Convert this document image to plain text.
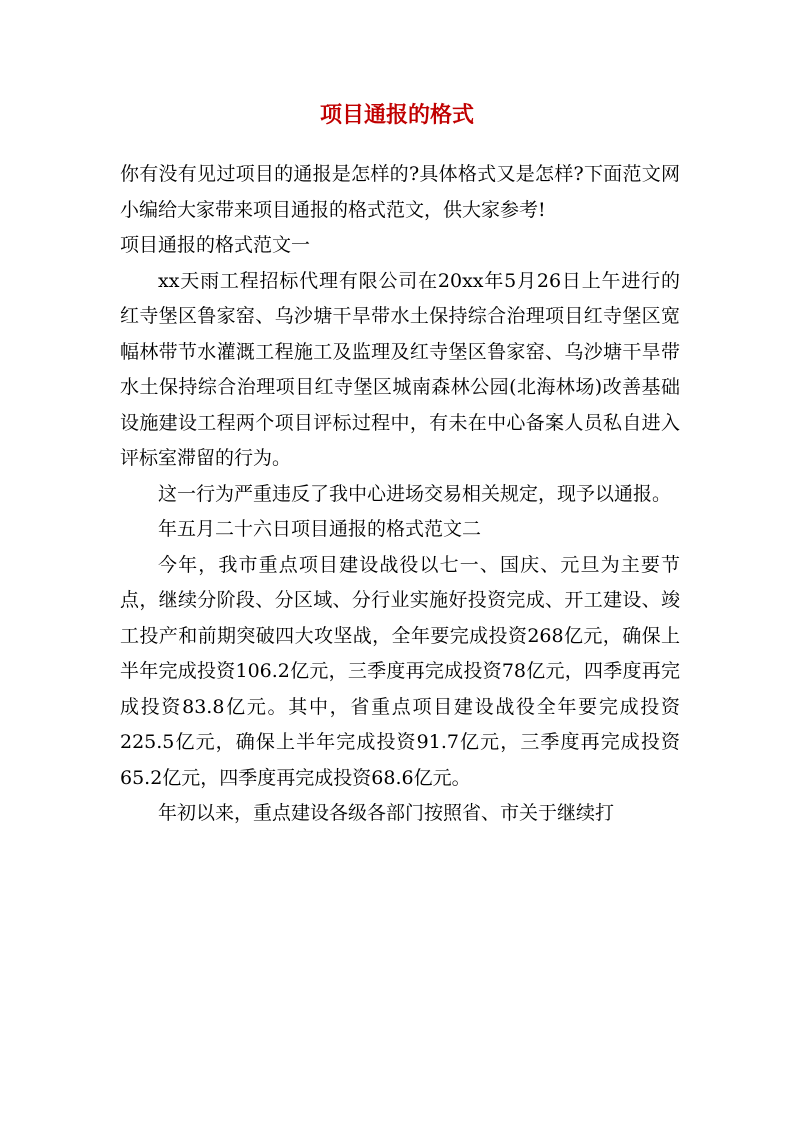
项目通报的格式

你有没有见过项目的通报是怎样的?具体格式又是怎样?下面范文网小编给大家带来项目通报的格式范文，供大家参考!

项目通报的格式范文一

xx天雨工程招标代理有限公司在20xx年5月26日上午进行的 红寺堡区鲁家窑、乌沙塘干旱带水土保持综合治理项目红寺堡区宽幅林带节水灌溉工程施工及监理及红寺堡区鲁家窑、乌沙塘干旱带水土保持综合治理项目红寺堡区城南森林公园(北海林场)改善基础设施建设工程两个项目评标过程中，有未在中心备案人员私自进入评标室滞留的行为。

这一行为严重违反了我中心进场交易相关规定，现予以通报。

年五月二十六日项目通报的格式范文二

今年，我市重点项目建设战役以七一、国庆、元旦为主要节点，继续分阶段、分区域、分行业实施好投资完成、开工建设、竣工投产和前期突破四大攻坚战，全年要完成投资268亿元，确保上半年完成投资106.2亿元，三季度再完成投资78亿元，四季度再完成投资83.8亿元。其中，省重点项目建设战役全年要完成投资225.5亿元，确保上半年完成投资91.7亿元，三季度再完成投资65.2亿元，四季度再完成投资68.6亿元。

年初以来，重点建设各级各部门按照省、市关于继续打
